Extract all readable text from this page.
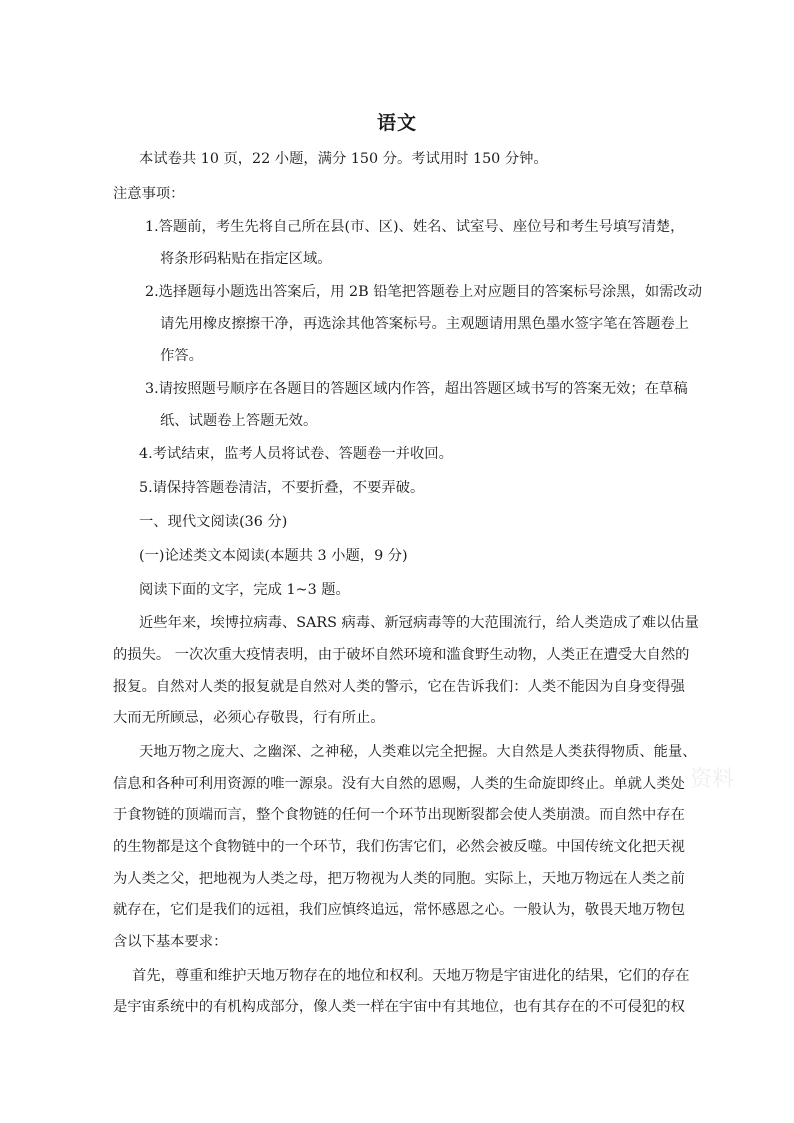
语文
本试卷共 10 页，22 小题，满分 150 分。考试用时 150 分钟。
注意事项：
1.答题前，考生先将自己所在县(市、区)、姓名、试室号、座位号和考生号填写清楚，
将条形码粘贴在指定区域。
2.选择题每小题选出答案后，用 2B 铅笔把答题卷上对应题目的答案标号涂黑，如需改动
请先用橡皮擦擦干净，再选涂其他答案标号。主观题请用黑色墨水签字笔在答题卷上
作答。
3.请按照题号顺序在各题目的答题区域内作答，超出答题区域书写的答案无效；在草稿
纸、试题卷上答题无效。
4.考试结束，监考人员将试卷、答题卷一并收回。
5.请保持答题卷清洁，不要折叠，不要弄破。
一、现代文阅读(36 分)
(一)论述类文本阅读(本题共 3 小题，9 分)
阅读下面的文字，完成 1~3 题。
近些年来，埃博拉病毒、SARS 病毒、新冠病毒等的大范围流行，给人类造成了难以估量
的损失。 一次次重大疫情表明，由于破坏自然环境和滥食野生动物，人类正在遭受大自然的
报复。自然对人类的报复就是自然对人类的警示，它在告诉我们：人类不能因为自身变得强
大而无所顾忌，必须心存敬畏，行有所止。
天地万物之庞大、之幽深、之神秘，人类难以完全把握。大自然是人类获得物质、能量、
信息和各种可利用资源的唯一源泉。没有大自然的恩赐，人类的生命旋即终止。单就人类处
于食物链的顶端而言，整个食物链的任何一个环节出现断裂都会使人类崩溃。而自然中存在
的生物都是这个食物链中的一个环节，我们伤害它们，必然会被反噬。中国传统文化把天视
为人类之父，把地视为人类之母，把万物视为人类的同胞。实际上，天地万物远在人类之前
就存在，它们是我们的远祖，我们应慎终追远，常怀感恩之心。一般认为，敬畏天地万物包
含以下基本要求：
首先，尊重和维护天地万物存在的地位和权利。天地万物是宇宙进化的结果，它们的存在
是宇宙系统中的有机构成部分，像人类一样在宇宙中有其地位，也有其存在的不可侵犯的权
资料
